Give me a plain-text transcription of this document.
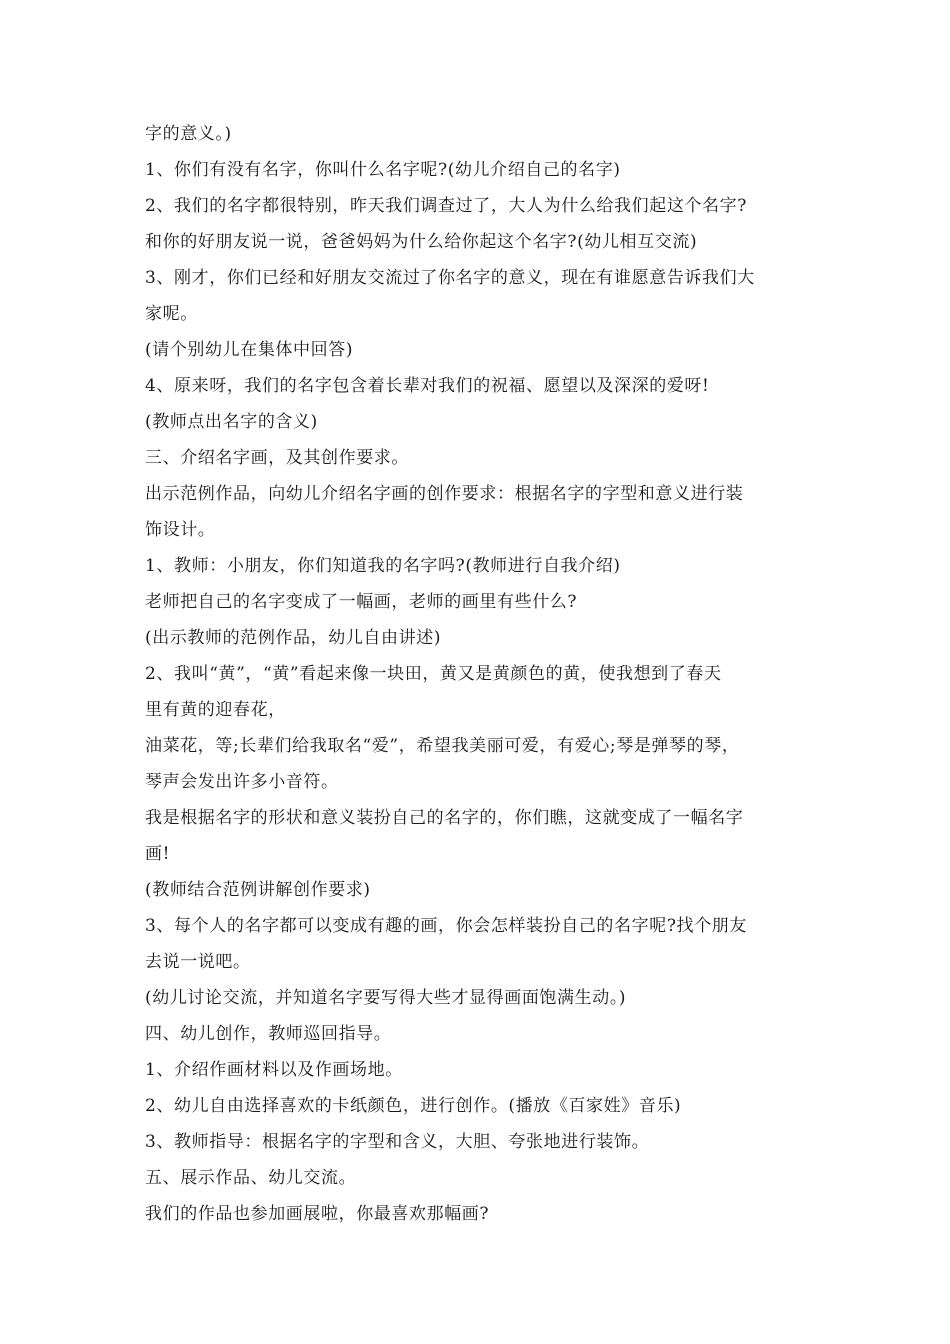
字的意义。)
1、你们有没有名字，你叫什么名字呢?(幼儿介绍自己的名字)
2、我们的名字都很特别，昨天我们调查过了，大人为什么给我们起这个名字?
和你的好朋友说一说，爸爸妈妈为什么给你起这个名字?(幼儿相互交流)
3、刚才，你们已经和好朋友交流过了你名字的意义，现在有谁愿意告诉我们大
家呢。
(请个别幼儿在集体中回答)
4、原来呀，我们的名字包含着长辈对我们的祝福、愿望以及深深的爱呀!
(教师点出名字的含义)
三、介绍名字画，及其创作要求。
出示范例作品，向幼儿介绍名字画的创作要求：根据名字的字型和意义进行装
饰设计。
1、教师：小朋友，你们知道我的名字吗?(教师进行自我介绍)
老师把自己的名字变成了一幅画，老师的画里有些什么?
(出示教师的范例作品，幼儿自由讲述)
2、我叫“黄”，“黄”看起来像一块田，黄又是黄颜色的黄，使我想到了春天
里有黄的迎春花，
油菜花，等;长辈们给我取名“爱”，希望我美丽可爱，有爱心;琴是弹琴的琴，
琴声会发出许多小音符。
我是根据名字的形状和意义装扮自己的名字的，你们瞧，这就变成了一幅名字
画!
(教师结合范例讲解创作要求)
3、每个人的名字都可以变成有趣的画，你会怎样装扮自己的名字呢?找个朋友
去说一说吧。
(幼儿讨论交流，并知道名字要写得大些才显得画面饱满生动。)
四、幼儿创作，教师巡回指导。
1、介绍作画材料以及作画场地。
2、幼儿自由选择喜欢的卡纸颜色，进行创作。(播放《百家姓》音乐)
3、教师指导：根据名字的字型和含义，大胆、夸张地进行装饰。
五、展示作品、幼儿交流。
我们的作品也参加画展啦，你最喜欢那幅画?
